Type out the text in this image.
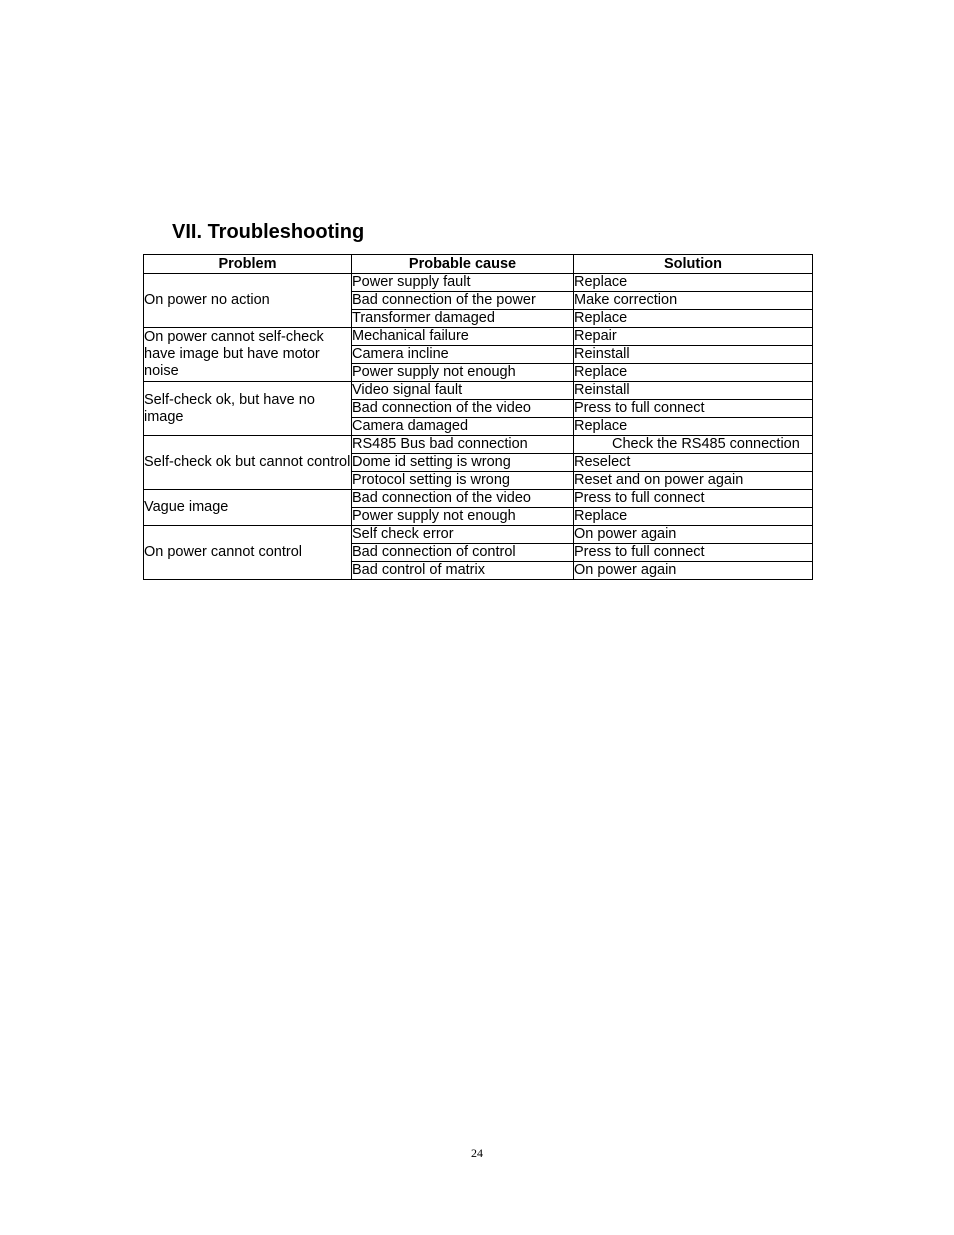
VII. Troubleshooting
Problem	Probable cause	Solution
On power no action	Power supply fault	Replace
	Bad connection of the power	Make correction
	Transformer damaged	Replace
On power cannot self-check have image but have motor noise	Mechanical failure	Repair
	Camera incline	Reinstall
	Power supply not enough	Replace
Self-check ok, but have no image	Video signal fault	Reinstall
	Bad connection of the video	Press to full connect
	Camera damaged	Replace
Self-check ok but cannot control	RS485 Bus bad connection	Check the RS485 connection
	Dome id setting is wrong	Reselect
	Protocol setting is wrong	Reset and on power again
Vague image	Bad connection of the video	Press to full connect
	Power supply not enough	Replace
On power cannot control	Self check error	On power again
	Bad connection of control	Press to full connect
	Bad control of matrix	On power again
24
